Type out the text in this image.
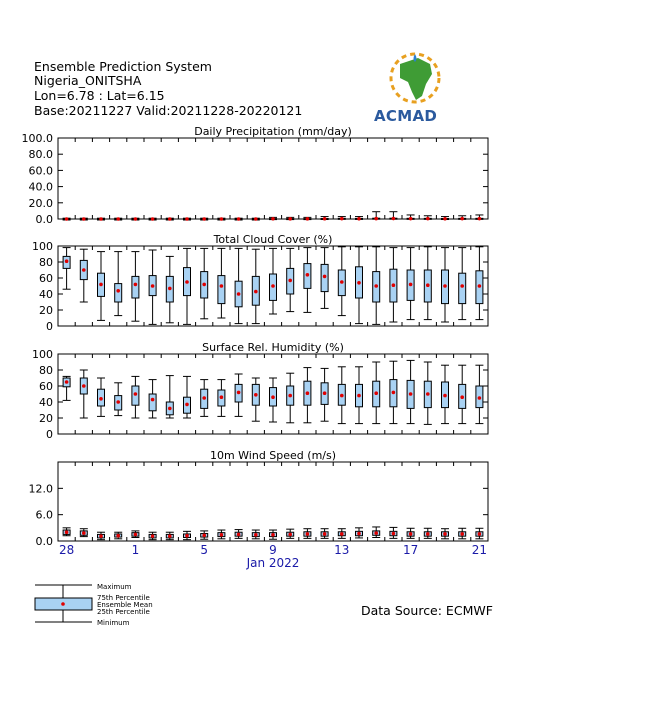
Ensemble Prediction System
Nigeria_ONITSHA
Lon=6.78 : Lat=6.15
Base:20211227 Valid:20211228-20220121	ACMAD
Daily Precipitation (mm/day)
0.0
20.0
40.0
60.0
80.0
100.0
Total Cloud Cover (%)
0
20
40
60
80
100
Surface Rel. Humidity (%)
0
20
40
60
80
100
10m Wind Speed (m/s)
0.0
6.0
12.0
28	1	5	9	13	17	21
Jan 2022
Maximum
75th Percentile
Ensemble Mean
25th Percentile
Minimum
Data Source: ECMWF
